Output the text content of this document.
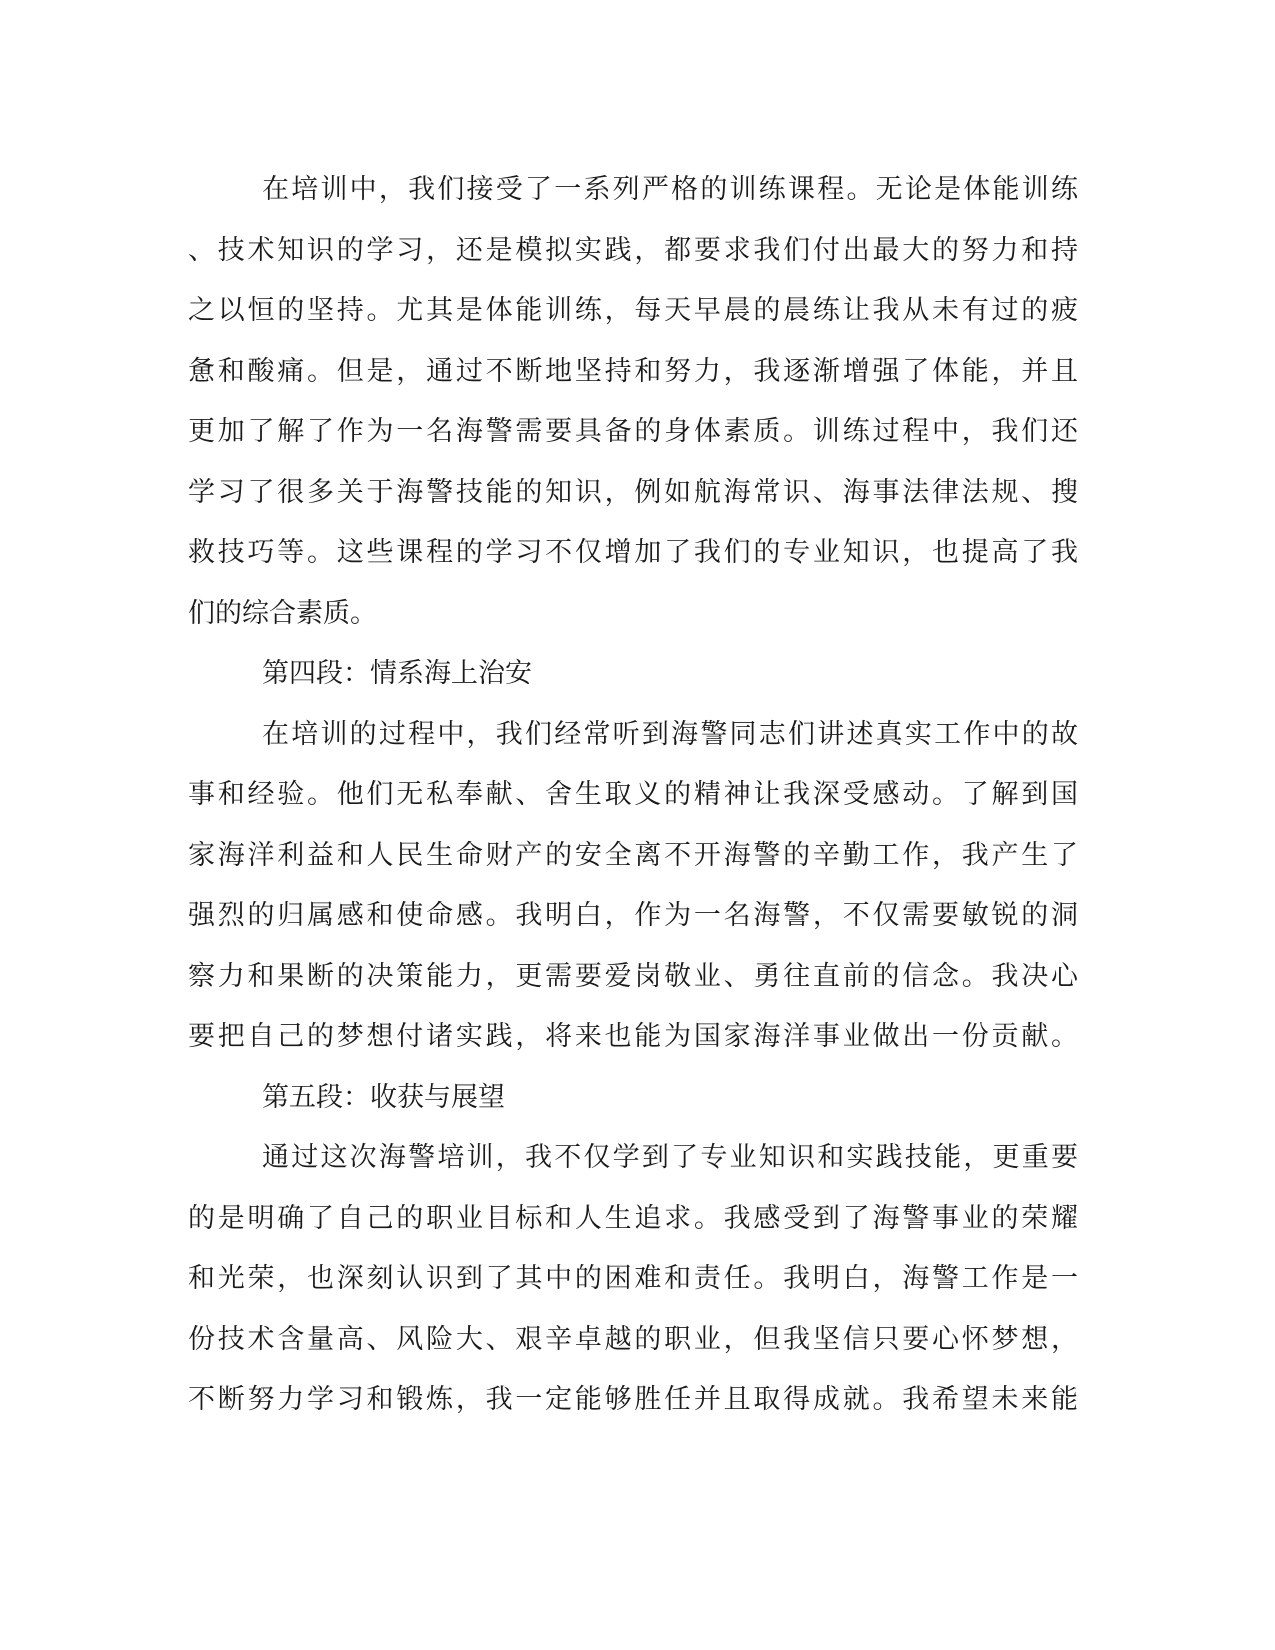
在培训中，我们接受了一系列严格的训练课程。无论是体能训练
、技术知识的学习，还是模拟实践，都要求我们付出最大的努力和持
之以恒的坚持。尤其是体能训练，每天早晨的晨练让我从未有过的疲
惫和酸痛。但是，通过不断地坚持和努力，我逐渐增强了体能，并且
更加了解了作为一名海警需要具备的身体素质。训练过程中，我们还
学习了很多关于海警技能的知识，例如航海常识、海事法律法规、搜
救技巧等。这些课程的学习不仅增加了我们的专业知识，也提高了我
们的综合素质。
第四段：情系海上治安
在培训的过程中，我们经常听到海警同志们讲述真实工作中的故
事和经验。他们无私奉献、舍生取义的精神让我深受感动。了解到国
家海洋利益和人民生命财产的安全离不开海警的辛勤工作，我产生了
强烈的归属感和使命感。我明白，作为一名海警，不仅需要敏锐的洞
察力和果断的决策能力，更需要爱岗敬业、勇往直前的信念。我决心
要把自己的梦想付诸实践，将来也能为国家海洋事业做出一份贡献。
第五段：收获与展望
通过这次海警培训，我不仅学到了专业知识和实践技能，更重要
的是明确了自己的职业目标和人生追求。我感受到了海警事业的荣耀
和光荣，也深刻认识到了其中的困难和责任。我明白，海警工作是一
份技术含量高、风险大、艰辛卓越的职业，但我坚信只要心怀梦想，
不断努力学习和锻炼，我一定能够胜任并且取得成就。我希望未来能
